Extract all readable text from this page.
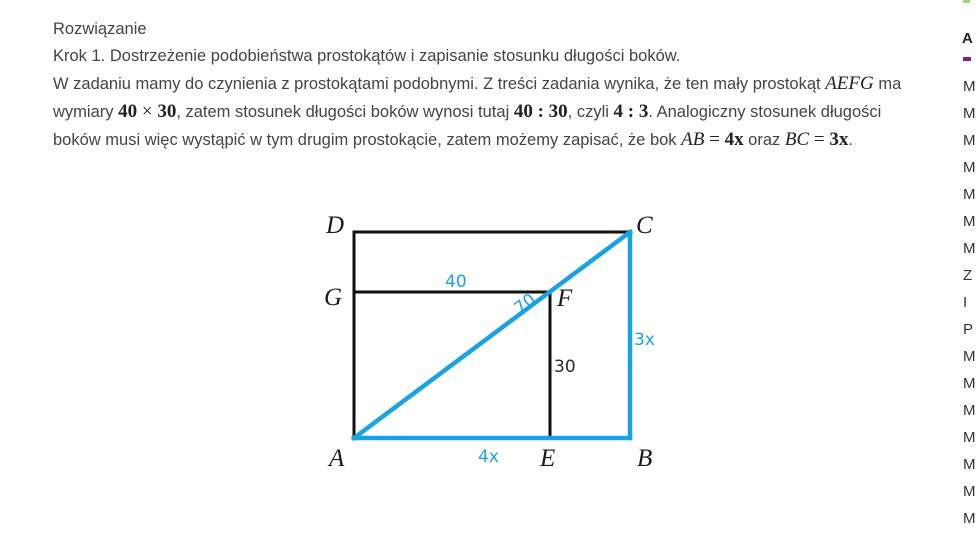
Rozwiązanie

Krok 1. Dostrzeżenie podobieństwa prostokątów i zapisanie stosunku długości boków.

W zadaniu mamy do czynienia z prostokątami podobnymi. Z treści zadania wynika, że ten mały prostokąt AEFG ma wymiary 40 × 30, zatem stosunek długości boków wynosi tutaj 40 : 30, czyli 4 : 3. Analogiczny stosunek długości boków musi więc wystąpić w tym drugim prostokącie, zatem możemy zapisać, że bok AB = 4x oraz BC = 3x.

D	C
G	F
A	E	B
40
70
30
3x
4x
A
M
M
M
M
M
M
M
Z
I
P
M
M
M
M
M
M
M
